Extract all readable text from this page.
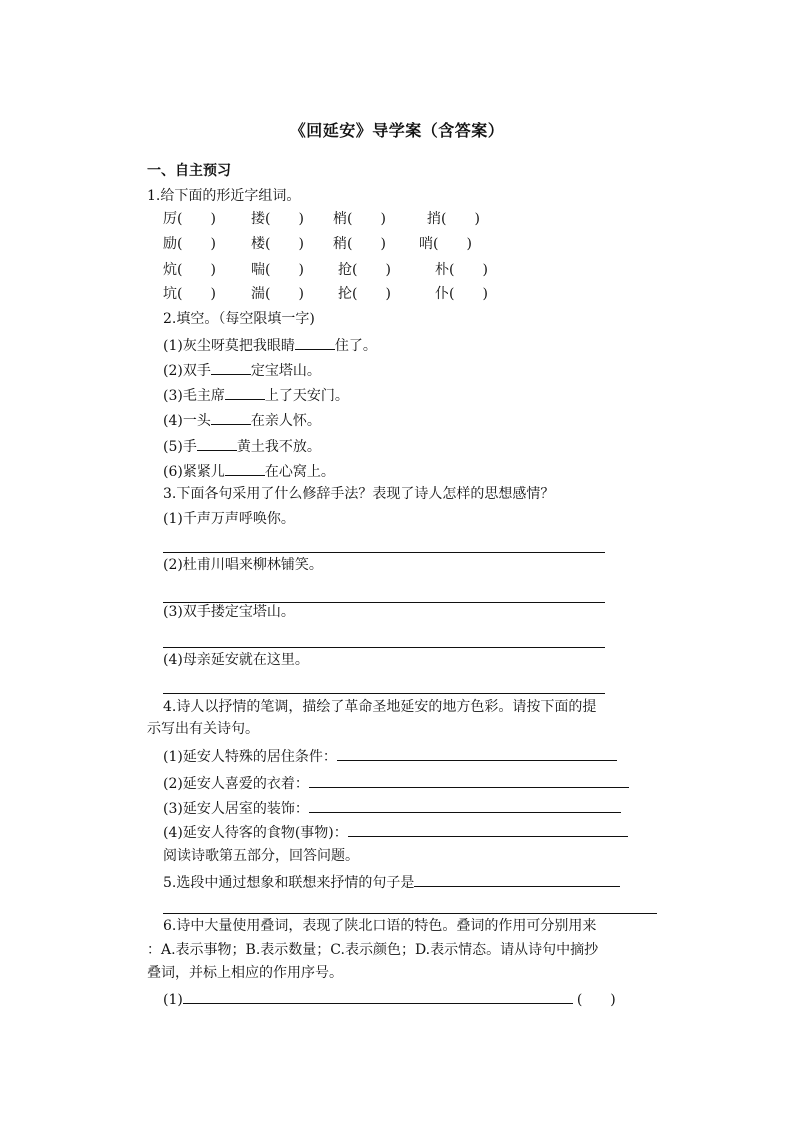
《回延安》导学案（含答案）
一、自主预习
1.给下面的形近字组词。
厉(　　)	搂(　　) 梢(　　)	捎(　　)
励(　　)	楼(　　) 稍(　　) 哨(　　)
炕(　　)	喘(　　) 抢(　　)	朴(　　)
坑(　　)	湍(　　) 抡(　　)	仆(　　)
2.填空。（每空限填一字)
(1)灰尘呀莫把我眼睛	住了。
(2)双手	定宝塔山。
(3)毛主席	上了天安门。
(4)一头	在亲人怀。
(5)手	黄土我不放。
(6)紧紧儿	在心窝上。
3.下面各句采用了什么修辞手法？表现了诗人怎样的思想感情？
(1)千声万声呼唤你。
(2)杜甫川唱来柳林铺笑。
(3)双手搂定宝塔山。
(4)母亲延安就在这里。
4.诗人以抒情的笔调，描绘了革命圣地延安的地方色彩。请按下面的提
示写出有关诗句。
(1)延安人特殊的居住条件：
(2)延安人喜爱的衣着：
(3)延安人居室的装饰：
(4)延安人待客的食物(事物)：
阅读诗歌第五部分，回答问题。
5.选段中通过想象和联想来抒情的句子是
6.诗中大量使用叠词，表现了陕北口语的特色。叠词的作用可分别用来
：A.表示事物；B.表示数量；C.表示颜色；D.表示情态。请从诗句中摘抄
叠词，并标上相应的作用序号。
(1)	(　　)
